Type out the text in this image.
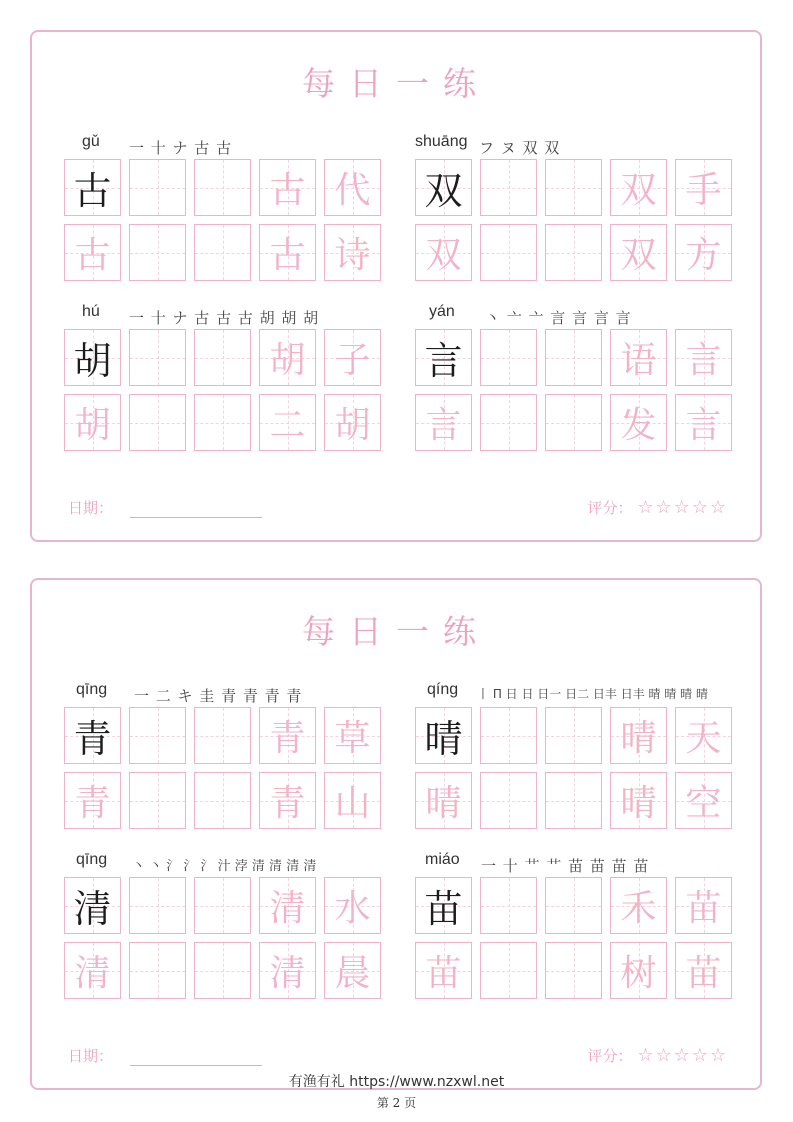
每日一练
gǔ 一 十 ナ 古 古
古	古 代
古	古 诗
shuāng フ ヌ 双 双
双	双 手
双	双 方
hú 一 十 ナ 古 古 古 胡 胡 胡
胡	胡 子
胡	二 胡
yán 丶 亠 亠 言 言 言 言
言	语 言
言	发 言
日期：	评分： ☆☆☆☆☆
每日一练
qīng 一 二 キ 圭 青 青 青 青
青	青 草
青	青 山
qíng 丨 П 日 日 日一 日二 日丰 日丰 晴 晴 晴 晴
晴	晴 天
晴	晴 空
qīng 丶 丶 氵 氵 氵 汁 浡 清 清 清 清
清	清 水
清	清 晨
miáo 一 十 艹 艹 苗 苗 苗 苗
苗	禾 苗
苗	树 苗
日期：	评分： ☆☆☆☆☆
有渔有礼 https://www.nzxwl.net
第 2 页
